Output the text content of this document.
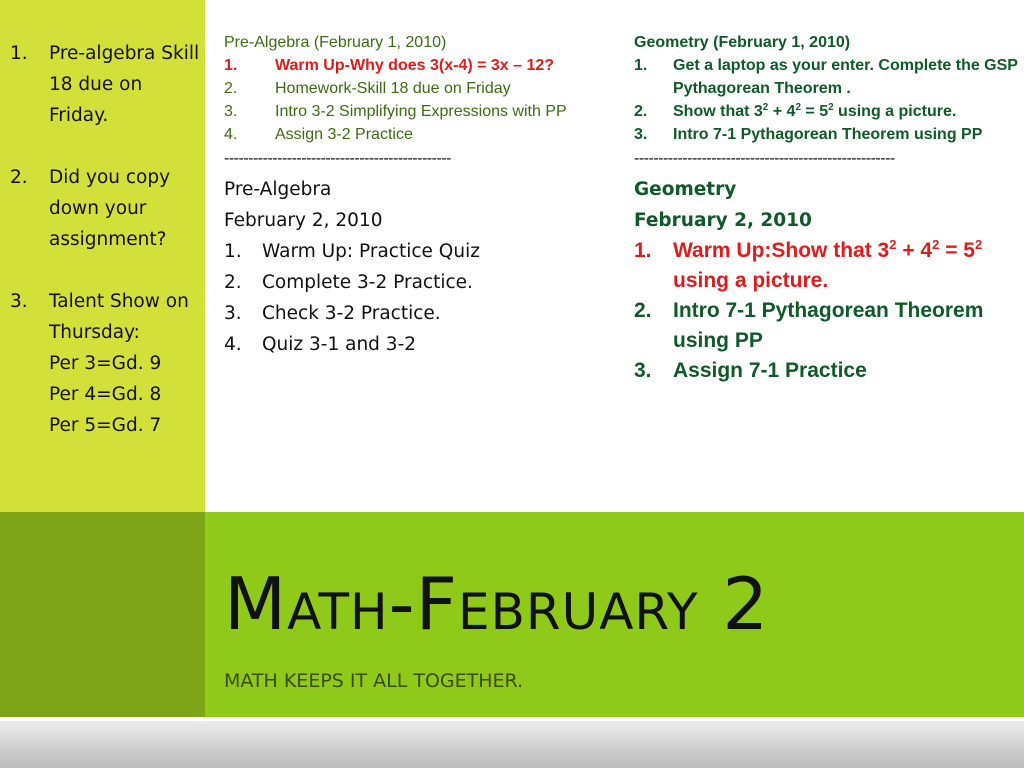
1. Pre-algebra Skill 18 due on Friday.
2. Did you copy down your assignment?
3. Talent Show on Thursday:
Per 3=Gd. 9
Per 4=Gd. 8
Per 5=Gd. 7

Pre-Algebra (February 1, 2010)

1. Warm Up-Why does 3(x-4) = 3x – 12?
2. Homework-Skill 18 due on Friday
3. Intro 3-2 Simplifying Expressions with PP
4. Assign 3-2 Practice
-----------------------------------------------

Pre-Algebra

February 2, 2010

1. Warm Up: Practice Quiz
2. Complete 3-2 Practice.
3. Check 3-2 Practice.
4. Quiz 3-1 and 3-2

Geometry (February 1, 2010)

1. Get a laptop as your enter. Complete the GSP Pythagorean Theorem .
2. Show that $3^2 + 4^2 = 5^2$ using a picture.
3. Intro 7-1 Pythagorean Theorem using PP
------------------------------------------------------

Geometry

February 2, 2010

1. Warm Up:Show that $3^2 + 4^2 = 5^2$ using a picture.
2. Intro 7-1 Pythagorean Theorem using PP
3. Assign 7-1 Practice
Math-February 2

MATH KEEPS IT ALL TOGETHER.
